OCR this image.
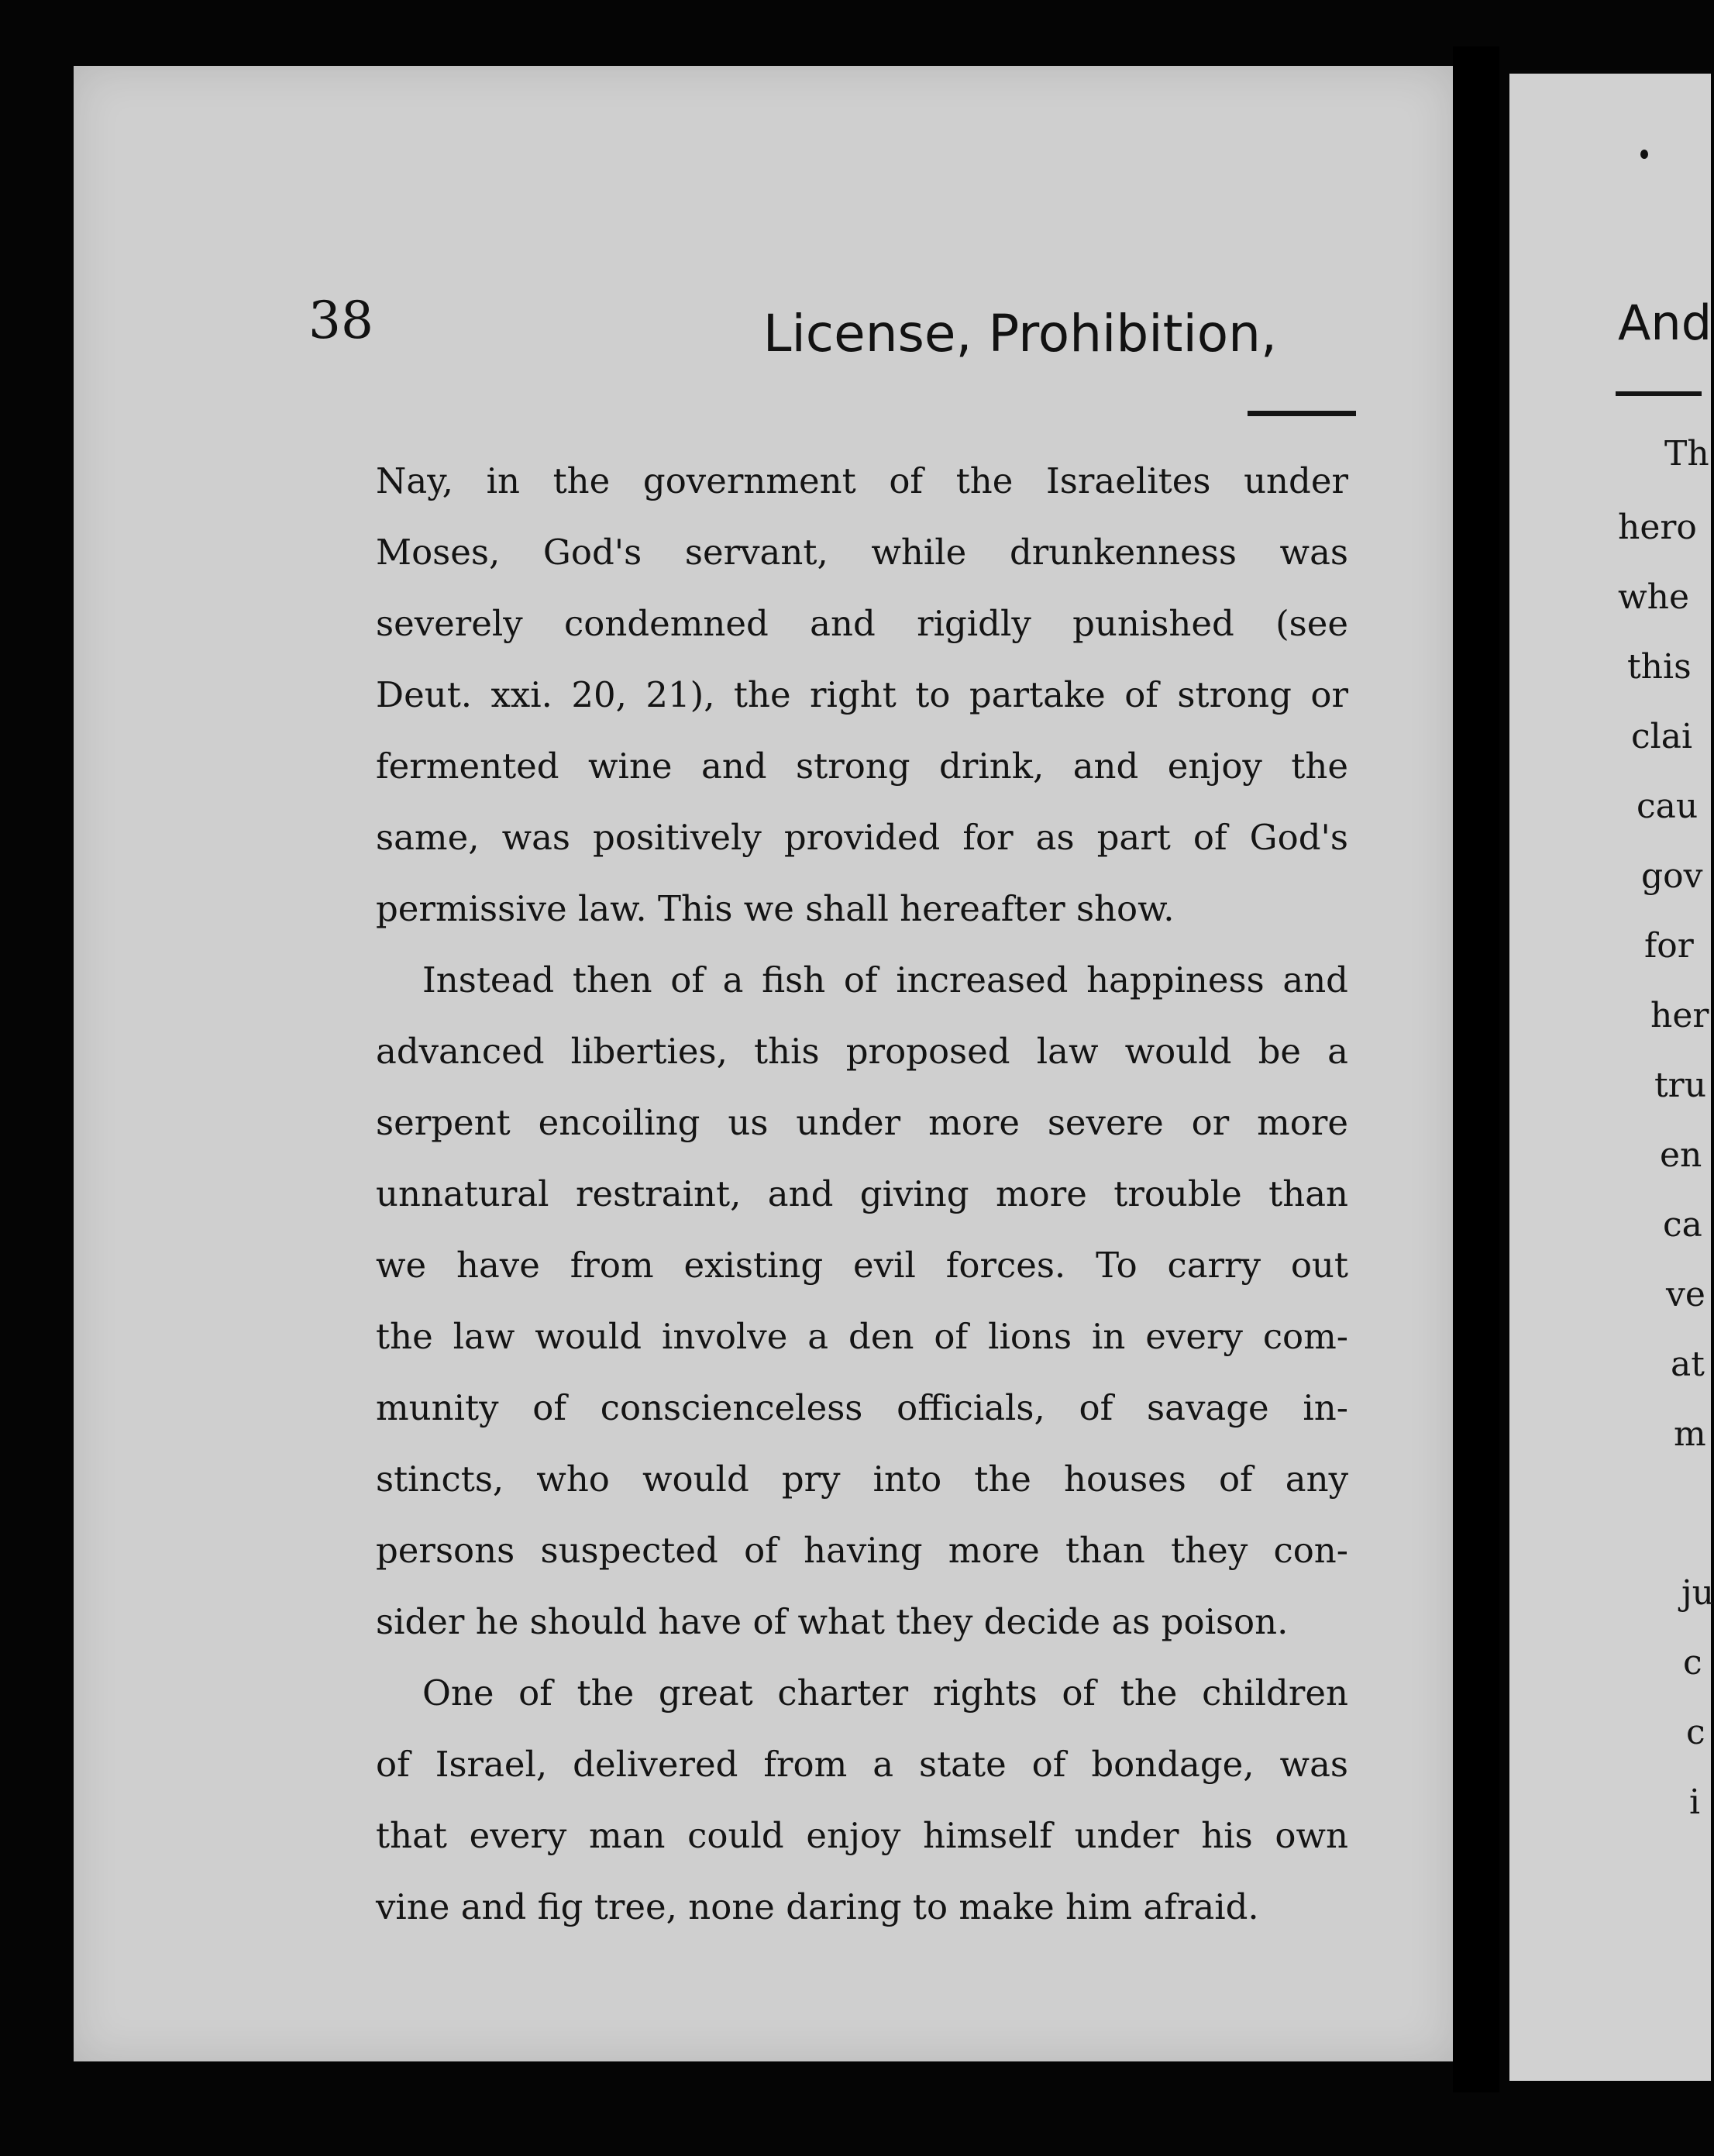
38	License, Prohibition,

Nay, in the government of the Israelites under
Moses, God's servant, while drunkenness was
severely condemned and rigidly punished (see
Deut. xxi. 20, 21), the right to partake of strong or
fermented wine and strong drink, and enjoy the
same, was positively provided for as part of God's
permissive law. This we shall hereafter show.
Instead then of a fish of increased happiness and
advanced liberties, this proposed law would be a
serpent encoiling us under more severe or more
unnatural restraint, and giving more trouble than
we have from existing evil forces. To carry out
the law would involve a den of lions in every com-
munity of conscienceless officials, of savage in-
stincts, who would pry into the houses of any
persons suspected of having more than they con-
sider he should have of what they decide as poison.
One of the great charter rights of the children
of Israel, delivered from a state of bondage, was
that every man could enjoy himself under his own
vine and fig tree, none daring to make him afraid.

And

Th
hero
whe
this
clai
cau
gov
for
her
tru
en
ca
ve
at
m
ju
c
c
i
